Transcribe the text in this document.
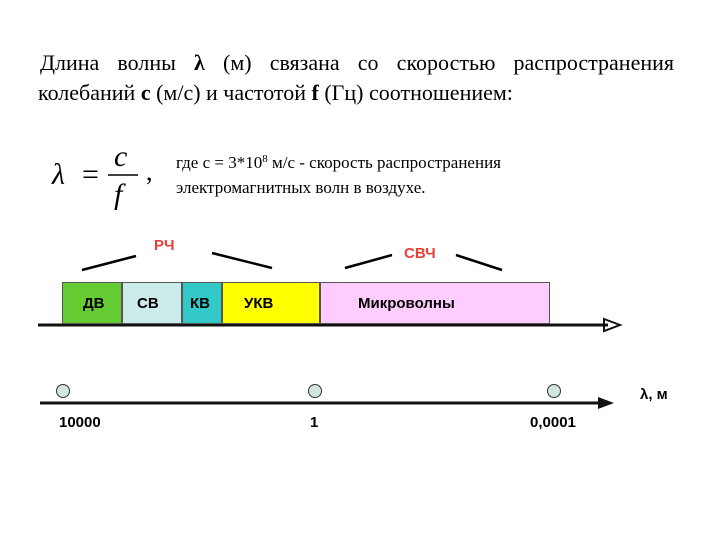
Длина волны λ (м) связана со скоростью распространения колебаний с (м/с) и частотой f (Гц) соотношением:
λ =
c
f
, где $с = 3*10^8$ м/с - скорость распространения
электромагнитных волн в воздухе.
РЧ	СВЧ
ДВ СВ КВ УКВ	Микроволны
λ, м
10000	1	0,0001
